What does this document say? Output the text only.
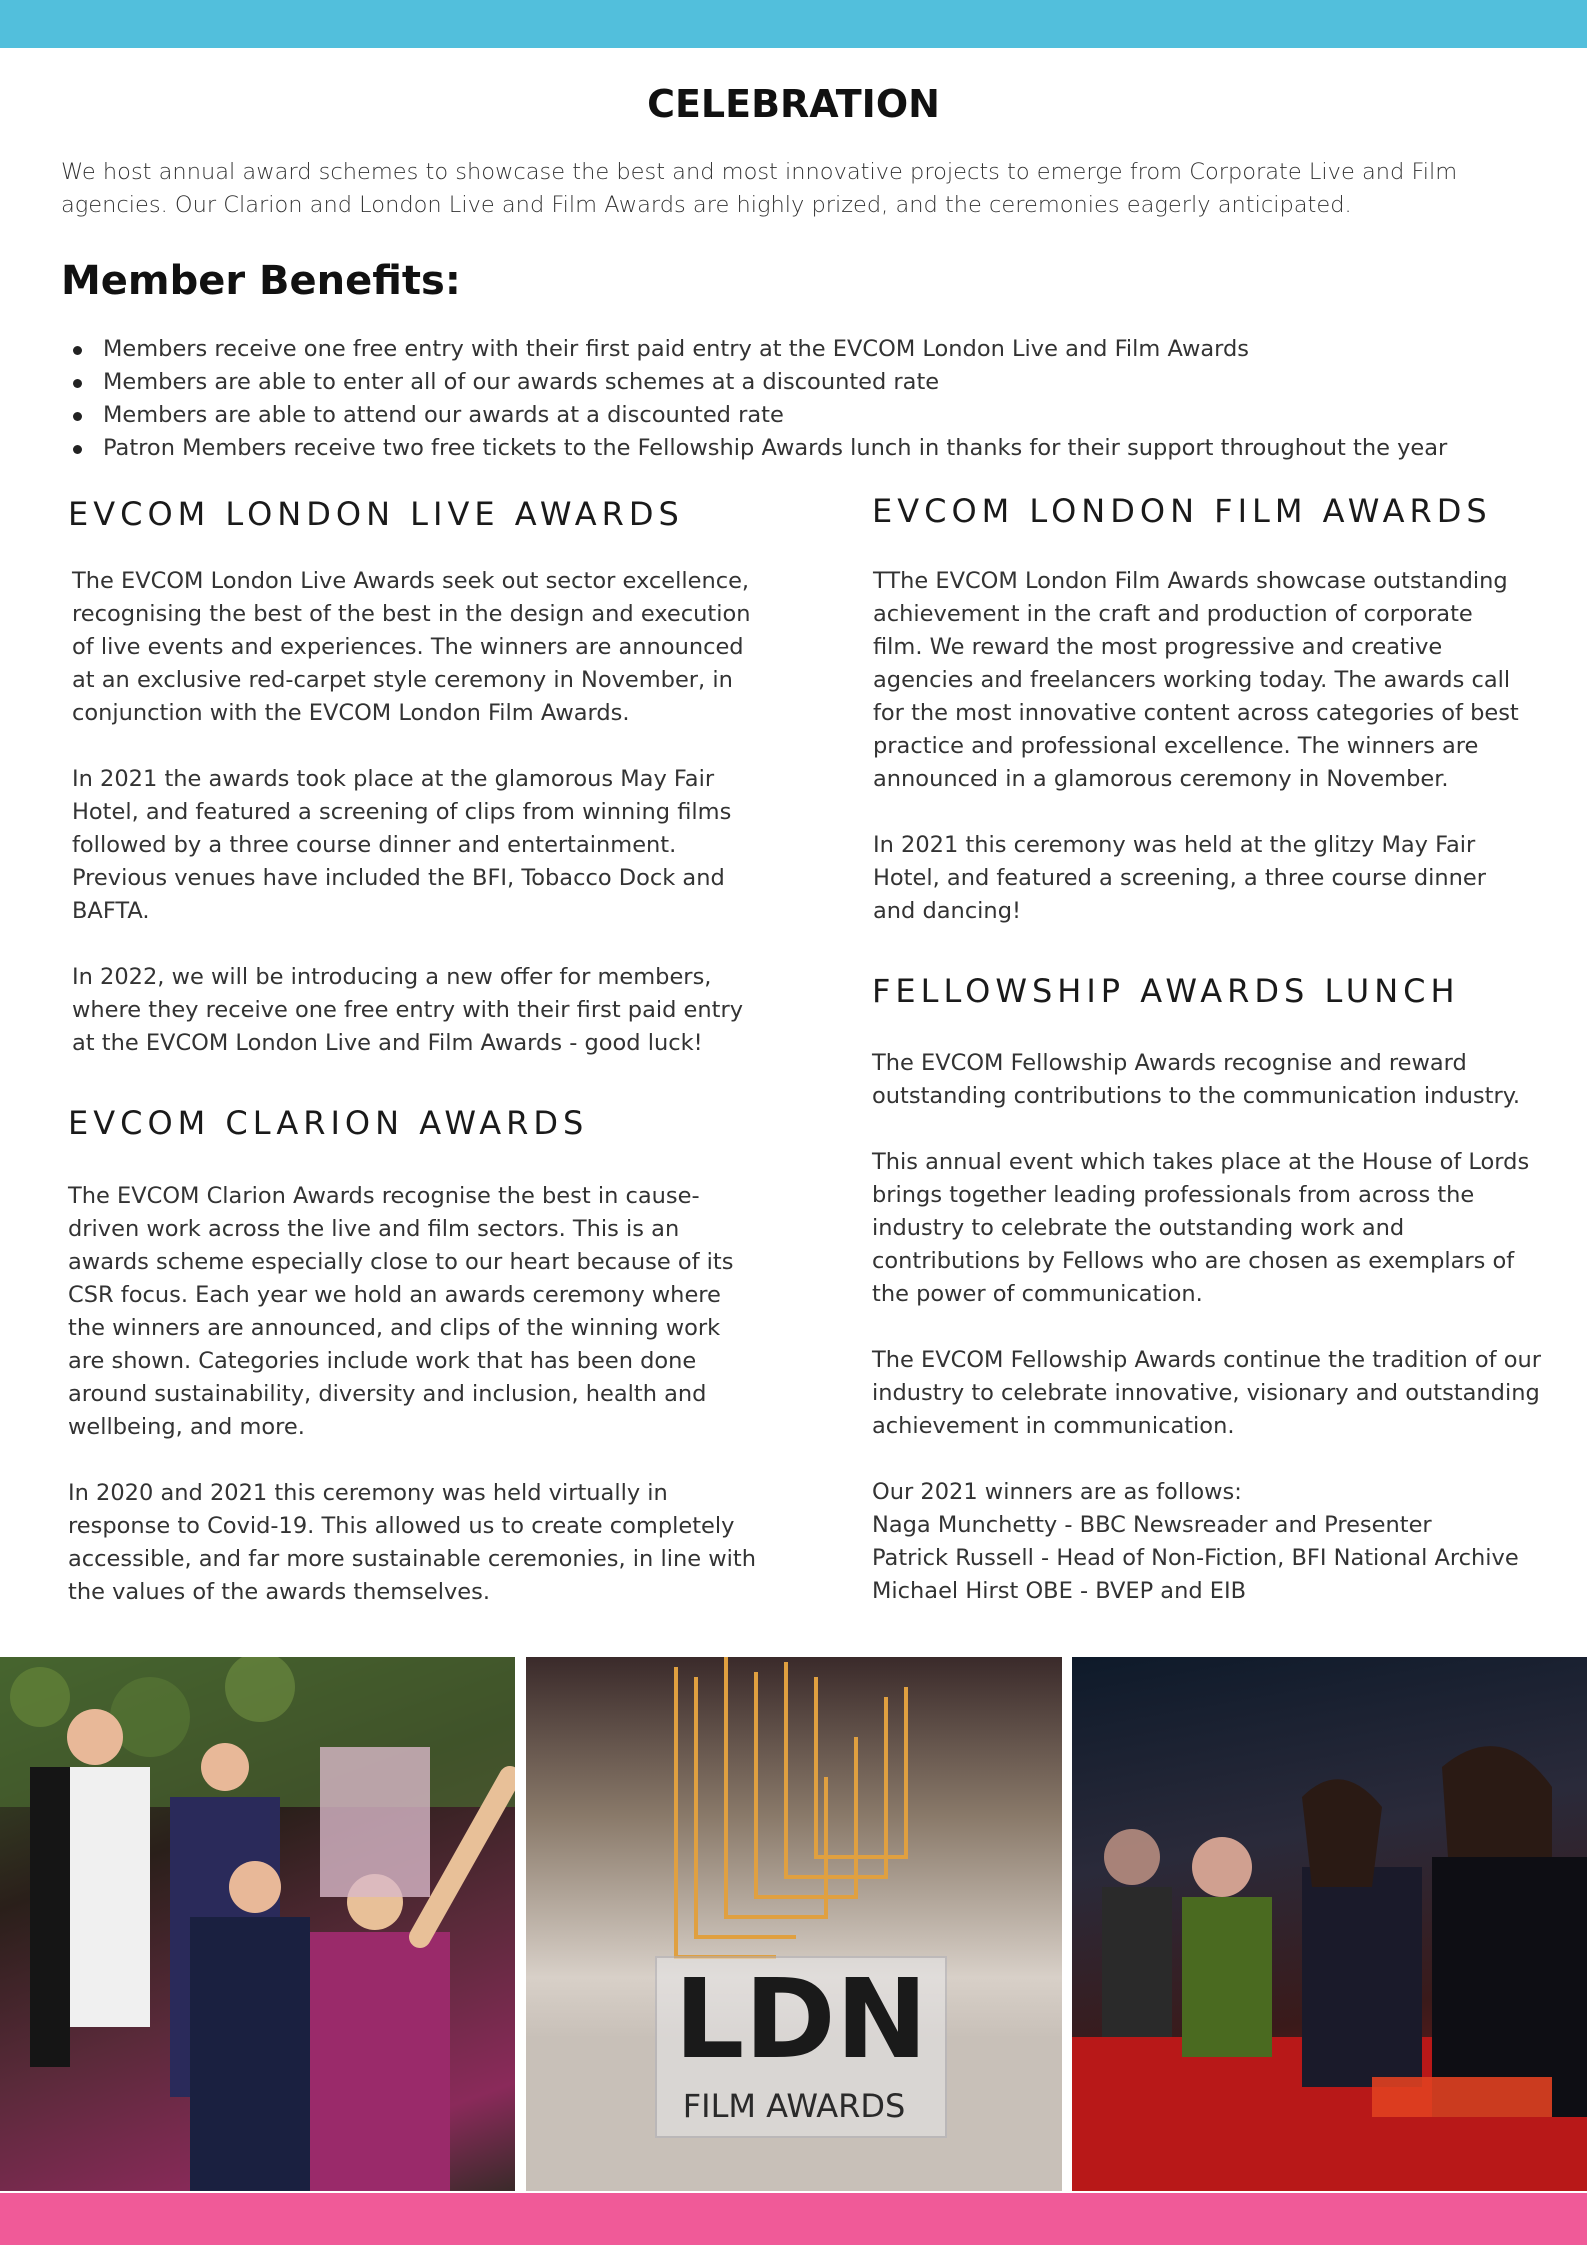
CELEBRATION

We host annual award schemes to showcase the best and most innovative projects to emerge from Corporate Live and Film agencies. Our Clarion and London Live and Film Awards are highly prized, and the ceremonies eagerly anticipated.

Member Benefits:
Members receive one free entry with their first paid entry at the EVCOM London Live and Film Awards
Members are able to enter all of our awards schemes at a discounted rate
Members are able to attend our awards at a discounted rate
Patron Members receive two free tickets to the Fellowship Awards lunch in thanks for their support throughout the year
EVCOM LONDON LIVE AWARDS

The EVCOM London Live Awards seek out sector excellence, recognising the best of the best in the design and execution of live events and experiences. The winners are announced at an exclusive red-carpet style ceremony in November, in conjunction with the EVCOM London Film Awards.

In 2021 the awards took place at the glamorous May Fair Hotel, and featured a screening of clips from winning films followed by a three course dinner and entertainment. Previous venues have included the BFI, Tobacco Dock and BAFTA.

In 2022, we will be introducing a new offer for members, where they receive one free entry with their first paid entry at the EVCOM London Live and Film Awards - good luck!

EVCOM CLARION AWARDS

The EVCOM Clarion Awards recognise the best in cause-driven work across the live and film sectors. This is an awards scheme especially close to our heart because of its CSR focus. Each year we hold an awards ceremony where the winners are announced, and clips of the winning work are shown. Categories include work that has been done around sustainability, diversity and inclusion, health and wellbeing, and more.

In 2020 and 2021 this ceremony was held virtually in response to Covid-19. This allowed us to create completely accessible, and far more sustainable ceremonies, in line with the values of the awards themselves.

EVCOM LONDON FILM AWARDS

TThe EVCOM London Film Awards showcase outstanding achievement in the craft and production of corporate film. We reward the most progressive and creative agencies and freelancers working today. The awards call for the most innovative content across categories of best practice and professional excellence. The winners are announced in a glamorous ceremony in November.

In 2021 this ceremony was held at the glitzy May Fair Hotel, and featured a screening, a three course dinner and dancing!

FELLOWSHIP AWARDS LUNCH

The EVCOM Fellowship Awards recognise and reward outstanding contributions to the communication industry.

This annual event which takes place at the House of Lords brings together leading professionals from across the industry to celebrate the outstanding work and contributions by Fellows who are chosen as exemplars of the power of communication.

The EVCOM Fellowship Awards continue the tradition of our industry to celebrate innovative, visionary and outstanding achievement in communication.

Our 2021 winners are as follows:
Naga Munchetty - BBC Newsreader and Presenter
Patrick Russell - Head of Non-Fiction, BFI National Archive
Michael Hirst OBE - BVEP and EIB
LDN
FILM AWARDS
